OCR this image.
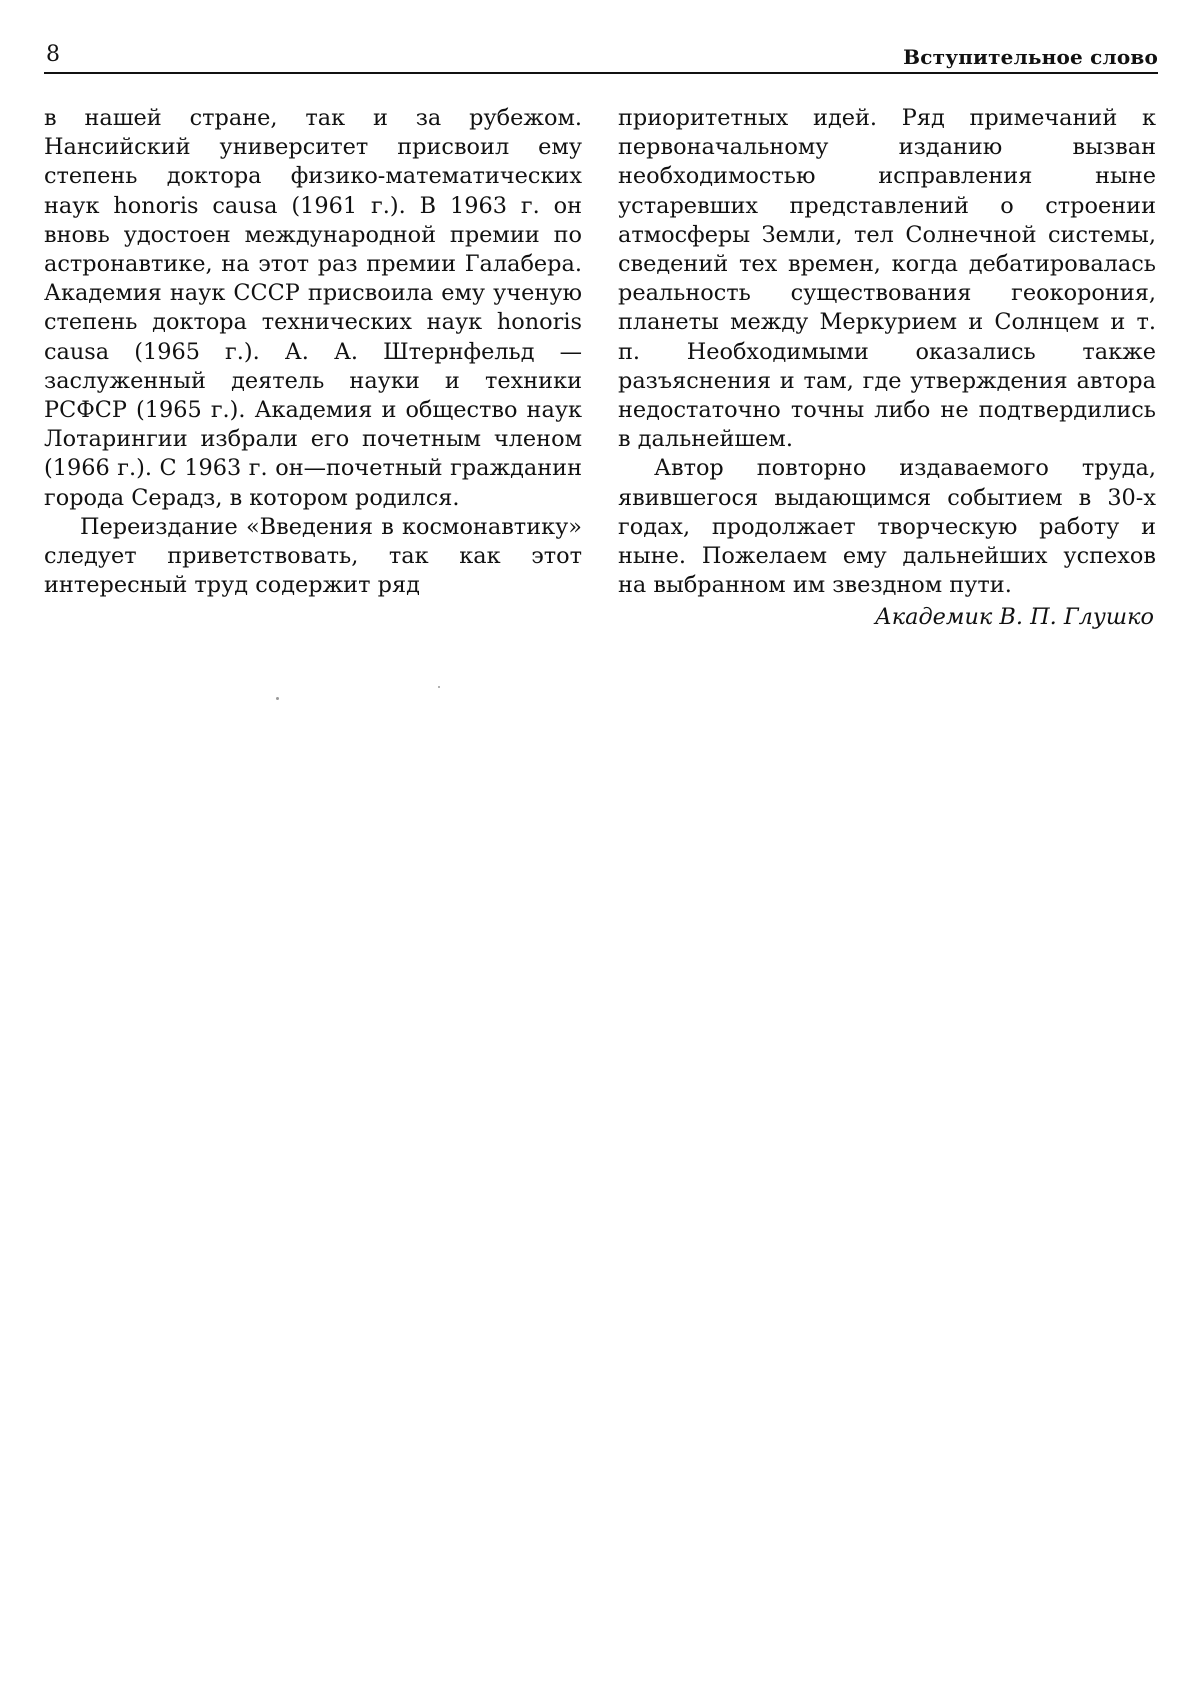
8	Вступительное слово

в нашей стране, так и за рубежом. Нансийский университет присвоил ему степень доктора физико-математических наук honoris causa (1961 г.). В 1963 г. он вновь удостоен международной премии по астронавтике, на этот раз премии Галабера. Академия наук СССР присвоила ему ученую степень доктора технических наук honoris causa (1965 г.). А. А. Штернфельд — заслуженный деятель науки и техники РСФСР (1965 г.). Академия и общество наук Лотарингии избрали его почетным членом (1966 г.). С 1963 г. он—почетный гражданин города Серадз, в котором родился.

Переиздание «Введения в космонавтику» следует приветствовать, так как этот интересный труд содержит ряд

приоритетных идей. Ряд примечаний к первоначальному изданию вызван необходимостью исправления ныне устаревших представлений о строении атмосферы Земли, тел Солнечной системы, сведений тех времен, когда дебатировалась реальность существования геокорония, планеты между Меркурием и Солнцем и т. п. Необходимыми оказались также разъяснения и там, где утверждения автора недостаточно точны либо не подтвердились в дальнейшем.

Автор повторно издаваемого труда, явившегося выдающимся событием в 30-х годах, продолжает творческую работу и ныне. Пожелаем ему дальнейших успехов на выбранном им звездном пути.

Академик В. П. Глушко
